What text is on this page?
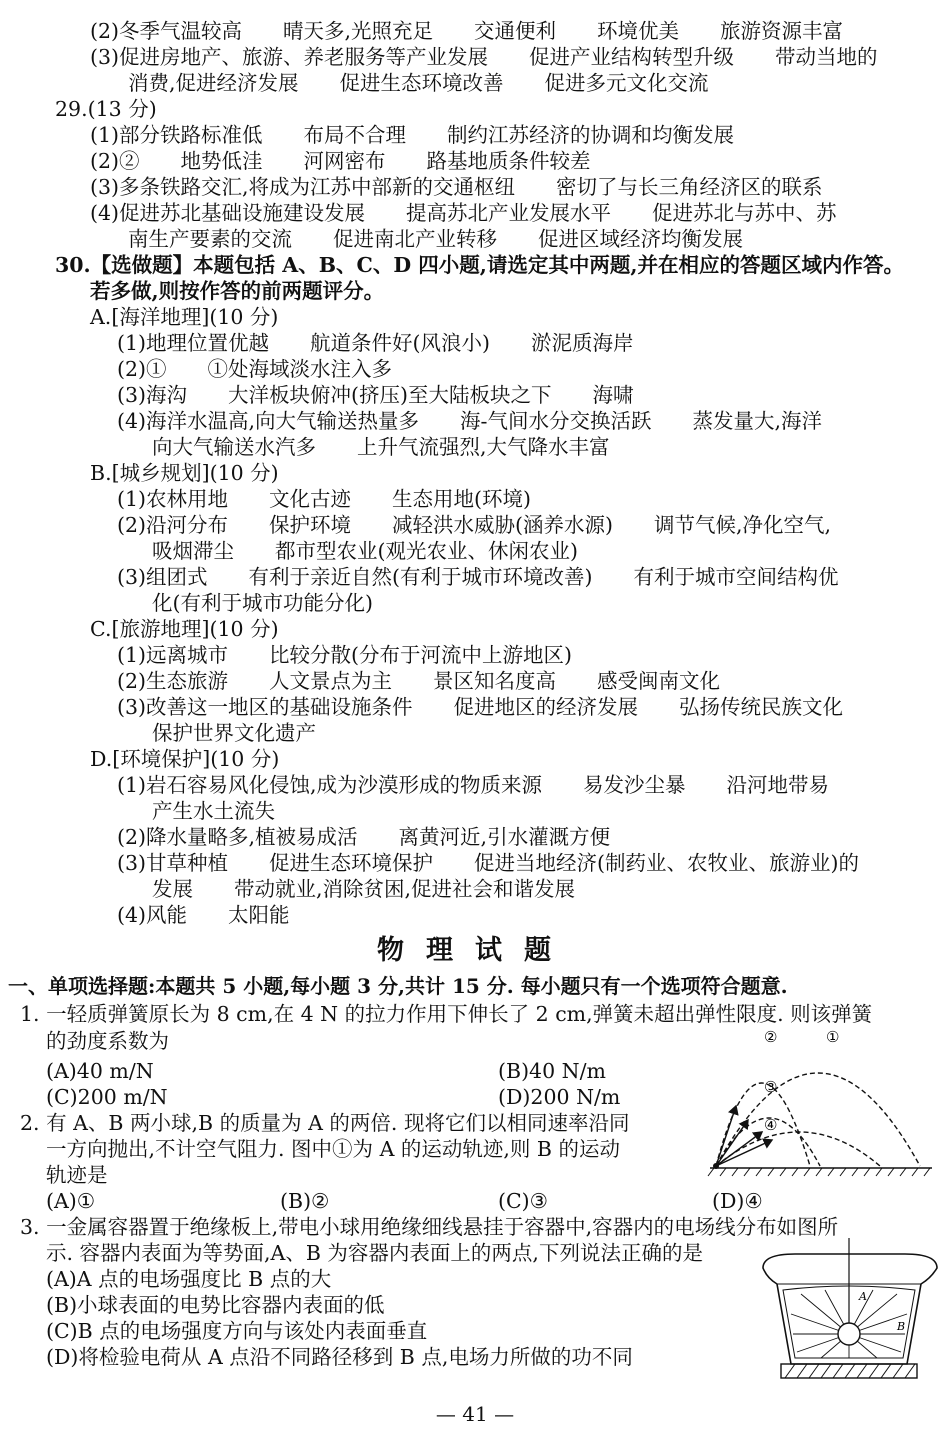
(2)冬季气温较高　　晴天多,光照充足　　交通便利　　环境优美　　旅游资源丰富
(3)促进房地产、旅游、养老服务等产业发展　　促进产业结构转型升级　　带动当地的
消费,促进经济发展　　促进生态环境改善　　促进多元文化交流
29.(13 分)
(1)部分铁路标准低　　布局不合理　　制约江苏经济的协调和均衡发展
(2)②　　地势低洼　　河网密布　　路基地质条件较差
(3)多条铁路交汇,将成为江苏中部新的交通枢纽　　密切了与长三角经济区的联系
(4)促进苏北基础设施建设发展　　提高苏北产业发展水平　　促进苏北与苏中、苏
南生产要素的交流　　促进南北产业转移　　促进区域经济均衡发展
30.【选做题】本题包括 A、B、C、D 四小题,请选定其中两题,并在相应的答题区域内作答。
若多做,则按作答的前两题评分。
A.[海洋地理](10 分)
(1)地理位置优越　　航道条件好(风浪小)　　淤泥质海岸
(2)①　　①处海域淡水注入多
(3)海沟　　大洋板块俯冲(挤压)至大陆板块之下　　海啸
(4)海洋水温高,向大气输送热量多　　海-气间水分交换活跃　　蒸发量大,海洋
向大气输送水汽多　　上升气流强烈,大气降水丰富
B.[城乡规划](10 分)
(1)农林用地　　文化古迹　　生态用地(环境)
(2)沿河分布　　保护环境　　减轻洪水威胁(涵养水源)　　调节气候,净化空气,
吸烟滞尘　　都市型农业(观光农业、休闲农业)
(3)组团式　　有利于亲近自然(有利于城市环境改善)　　有利于城市空间结构优
化(有利于城市功能分化)
C.[旅游地理](10 分)
(1)远离城市　　比较分散(分布于河流中上游地区)
(2)生态旅游　　人文景点为主　　景区知名度高　　感受闽南文化
(3)改善这一地区的基础设施条件　　促进地区的经济发展　　弘扬传统民族文化
保护世界文化遗产
D.[环境保护](10 分)
(1)岩石容易风化侵蚀,成为沙漠形成的物质来源　　易发沙尘暴　　沿河地带易
产生水土流失
(2)降水量略多,植被易成活　　离黄河近,引水灌溉方便
(3)甘草种植　　促进生态环境保护　　促进当地经济(制药业、农牧业、旅游业)的
发展　　带动就业,消除贫困,促进社会和谐发展
(4)风能　　太阳能
物理试题
一、单项选择题:本题共 5 小题,每小题 3 分,共计 15 分. 每小题只有一个选项符合题意.
1. 一轻质弹簧原长为 8 cm,在 4 N 的拉力作用下伸长了 2 cm,弹簧未超出弹性限度. 则该弹簧
的劲度系数为
(A)40 m/N	(B)40 N/m
(C)200 m/N	(D)200 N/m
2. 有 A、B 两小球,B 的质量为 A 的两倍. 现将它们以相同速率沿同
一方向抛出,不计空气阻力. 图中①为 A 的运动轨迹,则 B 的运动
轨迹是
(A)①	(B)②	(C)③	(D)④
②	①
③
④
3. 一金属容器置于绝缘板上,带电小球用绝缘细线悬挂于容器中,容器内的电场线分布如图所
示. 容器内表面为等势面,A、B 为容器内表面上的两点,下列说法正确的是
(A)A 点的电场强度比 B 点的大
(B)小球表面的电势比容器内表面的低
(C)B 点的电场强度方向与该处内表面垂直
(D)将检验电荷从 A 点沿不同路径移到 B 点,电场力所做的功不同
A
B
— 41 —
